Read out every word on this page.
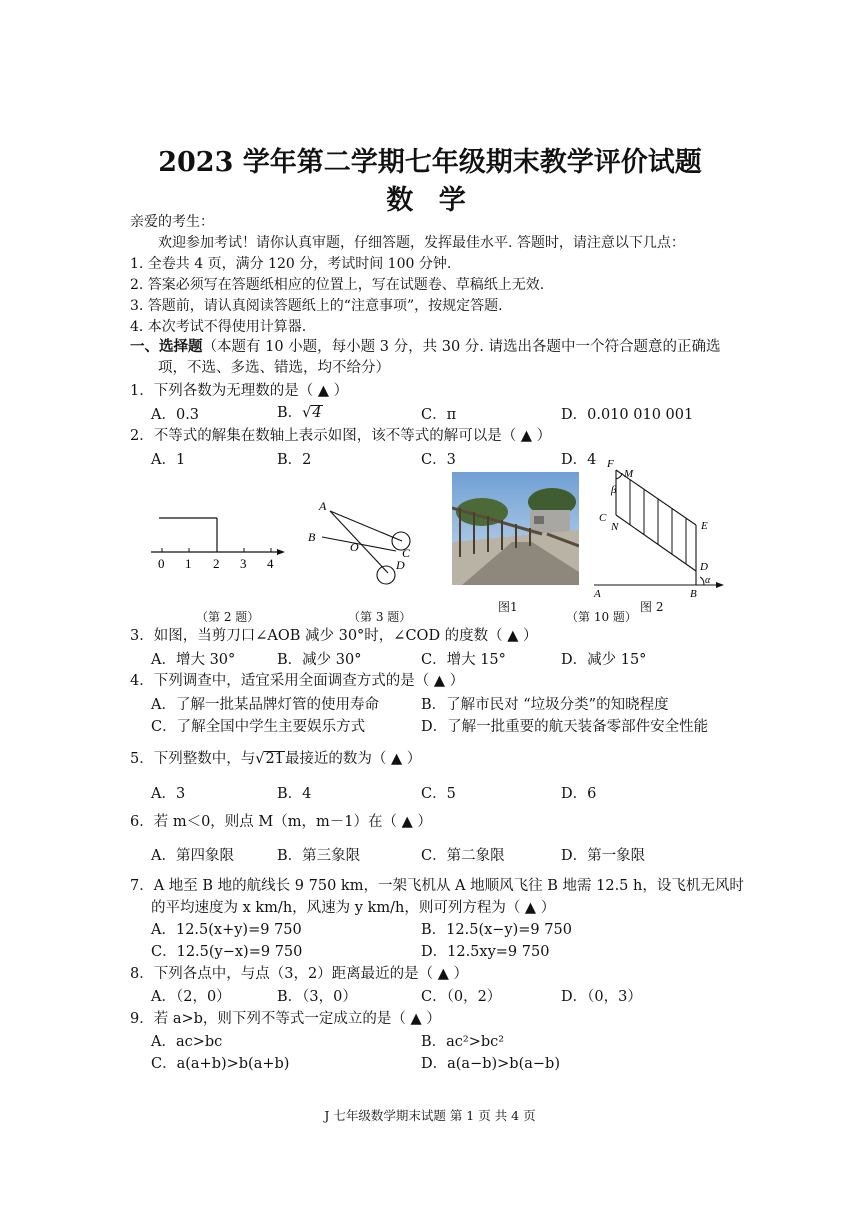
2023 学年第二学期七年级期末教学评价试题
数 学
亲爱的考生：
欢迎参加考试！请你认真审题，仔细答题，发挥最佳水平. 答题时，请注意以下几点：
1. 全卷共 4 页，满分 120 分，考试时间 100 分钟.
2. 答案必须写在答题纸相应的位置上，写在试题卷、草稿纸上无效.
3. 答题前，请认真阅读答题纸上的“注意事项”，按规定答题.
4. 本次考试不得使用计算器.
一、选择题（本题有 10 小题，每小题 3 分，共 30 分. 请选出各题中一个符合题意的正确选
项，不选、多选、错选，均不给分）
1．下列各数为无理数的是（ ▲ ）
A．0.3	B．√4	C．π	D．0.010 010 001
2．不等式的解集在数轴上表示如图，该不等式的解可以是（ ▲ ）
A．1	B．2	C．3	D．4
0 1 2 3 4
（第 2 题）
A
B
O	C
D
（第 3 题）
图1
F
M
β
C
N	E
D
A	B
α
（第 10 题）
图 2
3．如图，当剪刀口∠AOB 减少 30°时，∠COD 的度数（ ▲ ）
A．增大 30°	B．减少 30°	C．增大 15°	D．减少 15°
4．下列调查中，适宜采用全面调查方式的是（ ▲ ）
A．了解一批某品牌灯管的使用寿命	B．了解市民对 “垃圾分类”的知晓程度
C．了解全国中学生主要娱乐方式	D．了解一批重要的航天装备零部件安全性能
5．下列整数中，与√21最接近的数为（ ▲ ）
A．3	B．4	C．5	D．6
6．若 m＜0，则点 M（m，m－1）在（ ▲ ）
A．第四象限	B．第三象限	C．第二象限	D．第一象限
7．A 地至 B 地的航线长 9 750 km，一架飞机从 A 地顺风飞往 B 地需 12.5 h，设飞机无风时
的平均速度为 x km/h，风速为 y km/h，则可列方程为（ ▲ ）
A．12.5(x+y)=9 750	B．12.5(x−y)=9 750
C．12.5(y−x)=9 750	D．12.5xy=9 750
8．下列各点中，与点（3，2）距离最近的是（ ▲ ）
A．（2，0）	B．（3，0）	C．（0，2）	D．（0，3）
9．若 a>b，则下列不等式一定成立的是（ ▲ ）
A．ac>bc	B．ac²>bc²
C．a(a+b)>b(a+b)	D．a(a−b)>b(a−b)
J 七年级数学期末试题 第 1 页 共 4 页
